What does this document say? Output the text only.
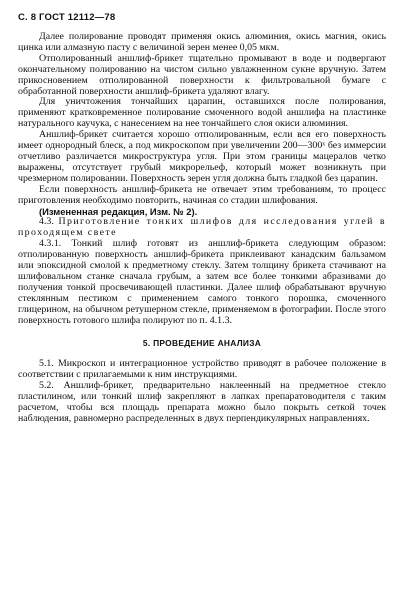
С. 8 ГОСТ 12112—78

Далее полирование проводят применяя окись алюминия, окись магния, окись цинка или алмазную пасту с величиной зерен менее 0,05 мкм.

Отполированный аншлиф-брикет тщательно промывают в воде и подвергают окончательному полированию на чистом сильно увлажненном сукне вручную. Затем прикосновением отполированной поверхности к фильтровальной бумаге с обработанной поверхности аншлиф-брикета удаляют влагу.

Для уничтожения тончайших царапин, оставшихся после полирования, применяют кратковременное полирование смоченного водой аншлифа на пластинке натурального каучука, с нанесением на нее тончайшего слоя окиси алюминия.

Аншлиф-брикет считается хорошо отполированным, если вся его поверхность имеет однородный блеск, а под микроскопом при увеличении 200—300ˣ без иммерсии отчетливо различается микроструктура угля. При этом границы мацералов четко выражены, отсутствует грубый микрорельеф, который может возникнуть при чрезмерном полировании. Поверхность зерен угля должна быть гладкой без царапин.

Если поверхность аншлиф-брикета не отвечает этим требованиям, то процесс приготовления необходимо повторить, начиная со стадии шлифования.

(Измененная редакция, Изм. № 2).

4.3. Приготовление тонких шлифов для исследования углей в проходящем свете

4.3.1. Тонкий шлиф готовят из аншлиф-брикета следующим образом: отполированную поверхность аншлиф-брикета приклеивают канадским бальзамом или эпоксидной смолой к предметному стеклу. Затем толщину брикета стачивают на шлифовальном станке сначала грубым, а затем все более тонкими абразивами до получения тонкой просвечивающей пластинки. Далее шлиф обрабатывают вручную стеклянным пестиком с применением самого тонкого порошка, смоченного глицерином, на обычном ретушерном стекле, применяемом в фотографии. После этого поверхность готового шлифа полируют по п. 4.1.3.

5. ПРОВЕДЕНИЕ АНАЛИЗА

5.1. Микроскоп и интеграционное устройство приводят в рабочее положение в соответствии с прилагаемыми к ним инструкциями.

5.2. Аншлиф-брикет, предварительно наклеенный на предметное стекло пластилином, или тонкий шлиф закрепляют в лапках препаратоводителя с таким расчетом, чтобы вся площадь препарата можно было покрыть сеткой точек наблюдения, равномерно распределенных в двух перпендикулярных направлениях.
